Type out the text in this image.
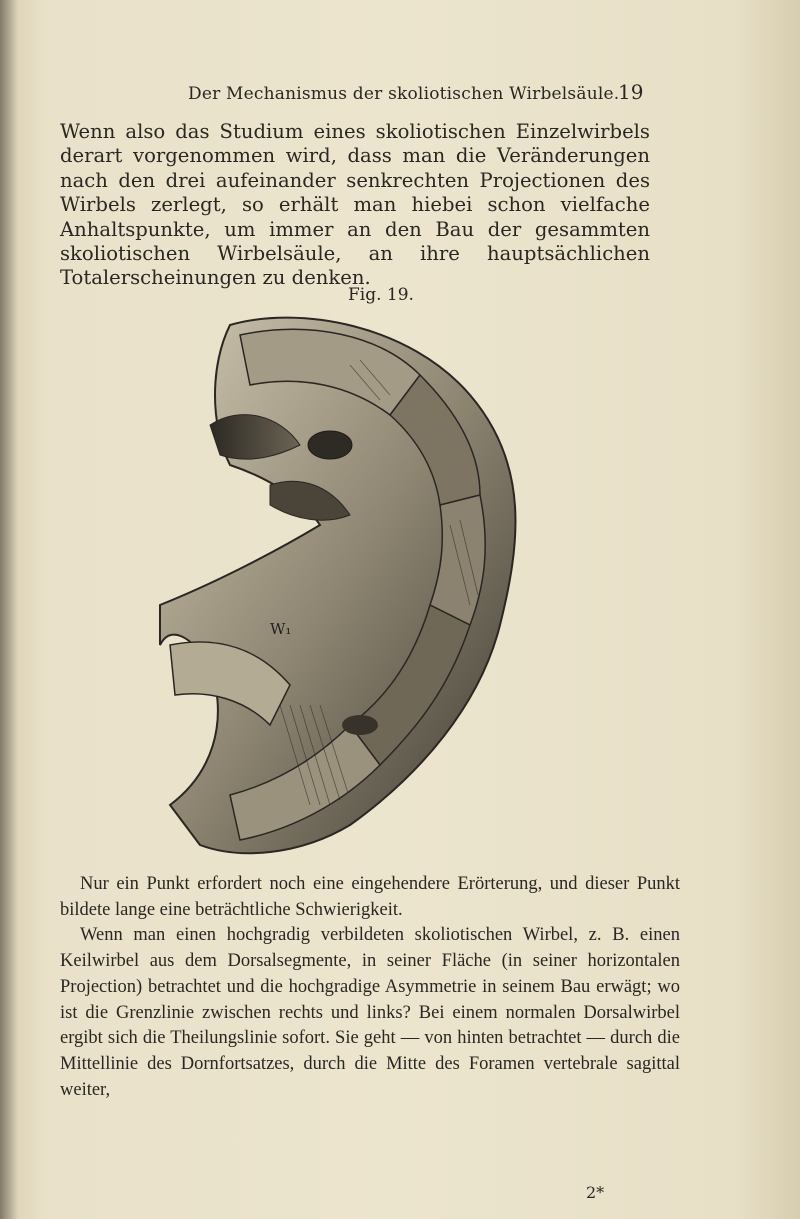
Der Mechanismus der skoliotischen Wirbelsäule.
19

Wenn also das Studium eines skoliotischen Einzelwirbels derart vorgenommen wird, dass man die Veränderungen nach den drei aufeinander senkrechten Projectionen des Wirbels zerlegt, so erhält man hiebei schon vielfache Anhaltspunkte, um immer an den Bau der gesammten skoliotischen Wirbelsäule, an ihre hauptsächlichen Totalerscheinungen zu denken.

Fig. 19.
W₁
Nur ein Punkt erfordert noch eine eingehendere Erörterung, und dieser Punkt bildete lange eine beträchtliche Schwierigkeit.
Wenn man einen hochgradig verbildeten skoliotischen Wirbel, z. B. einen Keilwirbel aus dem Dorsalsegmente, in seiner Fläche (in seiner horizontalen Projection) betrachtet und die hochgradige Asymmetrie in seinem Bau erwägt; wo ist die Grenzlinie zwischen rechts und links? Bei einem normalen Dorsalwirbel ergibt sich die Theilungslinie sofort. Sie geht — von hinten betrachtet — durch die Mittellinie des Dornfortsatzes, durch die Mitte des Foramen vertebrale sagittal weiter,
2*
